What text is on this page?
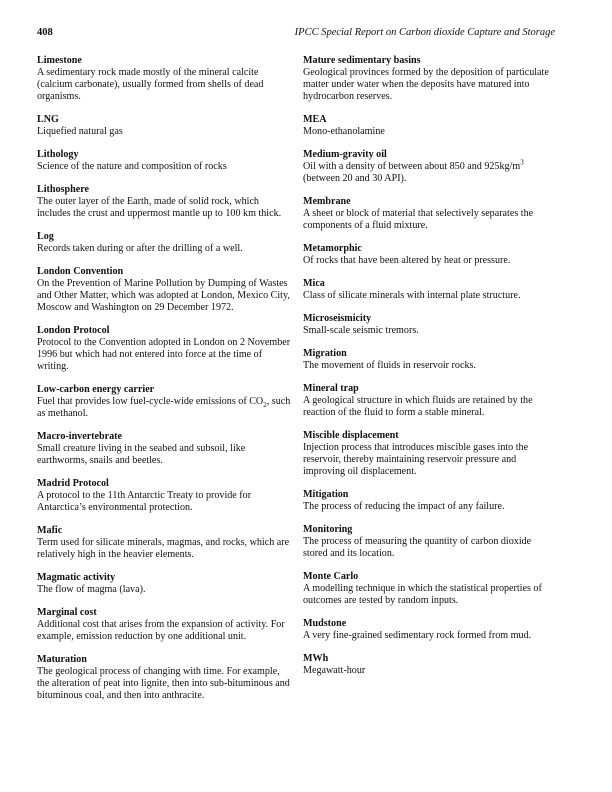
408	IPCC Special Report on Carbon dioxide Capture and Storage
Limestone
A sedimentary rock made mostly of the mineral calcite (calcium carbonate), usually formed from shells of dead organisms.
LNG
Liquefied natural gas
Lithology
Science of the nature and composition of rocks
Lithosphere
The outer layer of the Earth, made of solid rock, which includes the crust and uppermost mantle up to 100 km thick.
Log
Records taken during or after the drilling of a well.
London Convention
On the Prevention of Marine Pollution by Dumping of Wastes and Other Matter, which was adopted at London, Mexico City, Moscow and Washington on 29 December 1972.
London Protocol
Protocol to the Convention adopted in London on 2 November 1996 but which had not entered into force at the time of writing.
Low-carbon energy carrier
Fuel that provides low fuel-cycle-wide emissions of $CO_2$, such as methanol.
Macro-invertebrate
Small creature living in the seabed and subsoil, like earthworms, snails and beetles.
Madrid Protocol
A protocol to the 11th Antarctic Treaty to provide for Antarctica’s environmental protection.
Mafic
Term used for silicate minerals, magmas, and rocks, which are relatively high in the heavier elements.
Magmatic activity
The flow of magma (lava).
Marginal cost
Additional cost that arises from the expansion of activity. For example, emission reduction by one additional unit.
Maturation
The geological process of changing with time. For example, the alteration of peat into lignite, then into sub-bituminous and bituminous coal, and then into anthracite.
Mature sedimentary basins
Geological provinces formed by the deposition of particulate matter under water when the deposits have matured into hydrocarbon reserves.
MEA
Mono-ethanolamine
Medium-gravity oil
Oil with a density of between about 850 and $925kg/m^3$ (between 20 and 30 API).
Membrane
A sheet or block of material that selectively separates the components of a fluid mixture.
Metamorphic
Of rocks that have been altered by heat or pressure.
Mica
Class of silicate minerals with internal plate structure.
Microseismicity
Small-scale seismic tremors.
Migration
The movement of fluids in reservoir rocks.
Mineral trap
A geological structure in which fluids are retained by the reaction of the fluid to form a stable mineral.
Miscible displacement
Injection process that introduces miscible gases into the reservoir, thereby maintaining reservoir pressure and improving oil displacement.
Mitigation
The process of reducing the impact of any failure.
Monitoring
The process of measuring the quantity of carbon dioxide stored and its location.
Monte Carlo
A modelling technique in which the statistical properties of outcomes are tested by random inputs.
Mudstone
A very fine-grained sedimentary rock formed from mud.
MWh
Megawatt-hour
